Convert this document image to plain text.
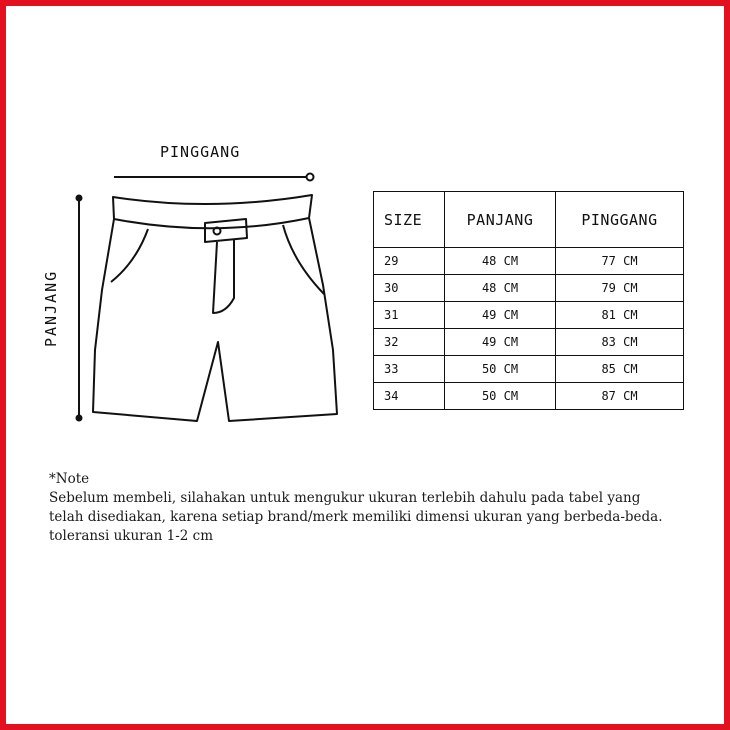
PINGGANG
PANJANG
SIZE	PANJANG	PINGGANG
29	48 CM	77 CM
30	48 CM	79 CM
31	49 CM	81 CM
32	49 CM	83 CM
33	50 CM	85 CM
34	50 CM	87 CM

*Note

Sebelum membeli, silahakan untuk mengukur ukuran terlebih dahulu pada tabel yang

telah disediakan, karena setiap brand/merk memiliki dimensi ukuran yang berbeda-beda.

toleransi ukuran 1-2 cm
